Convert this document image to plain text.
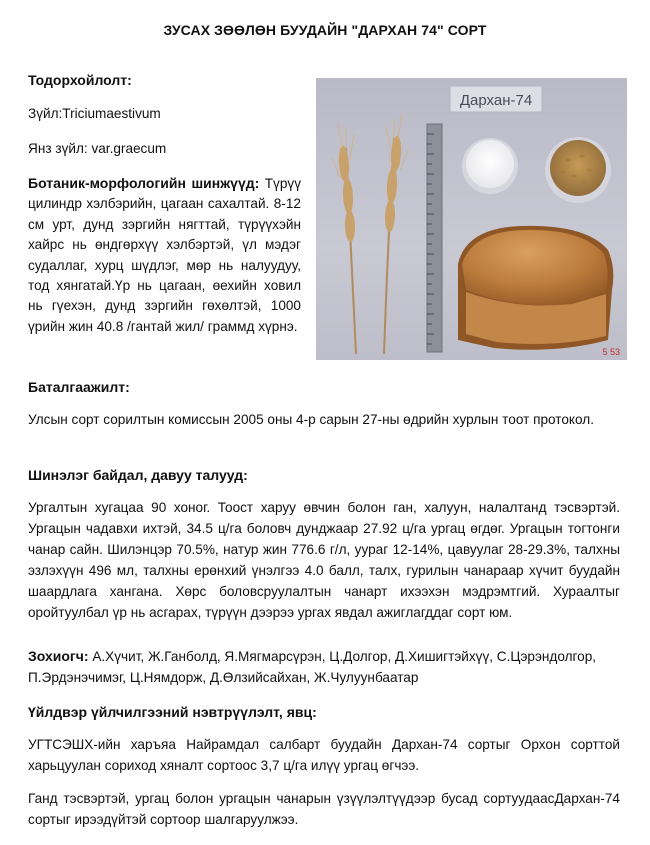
ЗУСАХ ЗӨӨЛӨН БУУДАЙН "ДАРХАН 74" СОРТ
Тодорхойлолт:
Зүйл:Triciumaestivum
Янз зүйл: var.graecum
Ботаник-морфологийн шинжүүд: Түрүү цилиндр хэлбэрийн, цагаан сахалтай. 8-12 см урт, дунд зэргийн нягттай, түрүүхэйн хайрс нь өндгөрхүү хэлбэртэй, үл мэдэг судаллаг, хурц шүдлэг, мөр нь налуудуу, тод хянгатай.Үр нь цагаан, өехийн ховил нь гүехэн, дунд зэргийн гөхөлтэй, 1000 үрийн жин 40.8 /гантай жил/ граммд хүрнэ.
Дархан-74
5 53
Баталгаажилт:
Улсын сорт сорилтын комиссын 2005 оны 4-р сарын 27-ны өдрийн хурлын тоот протокол.
Шинэлэг байдал, давуу талууд:
Ургалтын хугацаа 90 хоног. Тоост харуу өвчин болон ган, халуун, налалтанд тэсвэртэй. Ургацын чадавхи ихтэй, 34.5 ц/га боловч дунджаар 27.92 ц/га ургац өгдөг. Ургацын тогтонги чанар сайн. Шилэнцэр 70.5%, натур жин 776.6 г/л, уураг 12-14%, цавуулаг 28-29.3%, талхны эзлэхүүн 496 мл, талхны ерөнхий үнэлгээ 4.0 балл, талх, гурилын чанараар хүчит буудайн шаардлага хангана. Хөрс боловсруулалтын чанарт ихээхэн мэдрэмтгий. Хураалтыг оройтуулбал үр нь асгарах, түрүүн дээрээ ургах явдал ажиглагддаг сорт юм.
Зохиогч: А.Хүчит, Ж.Ганболд, Я.Мягмарсүрэн, Ц.Долгор, Д.Хишигтэйхүү, С.Цэрэндолгор, П.Эрдэнэчимэг, Ц.Нямдорж, Д.Өлзийсайхан, Ж.Чулуунбаатар
Үйлдвэр үйлчилгээний нэвтрүүлэлт, явц:
УГТСЭШХ-ийн харъяа Найрамдал салбарт буудайн Дархан-74 сортыг Орхон сорттой харьцуулан сориход хяналт сортоос 3,7 ц/га илүү ургац өгчээ.
Ганд тэсвэртэй, ургац болон ургацын чанарын үзүүлэлтүүдээр бусад сортуудаасДархан-74 сортыг ирээдүйтэй сортоор шалгаруулжээ.
